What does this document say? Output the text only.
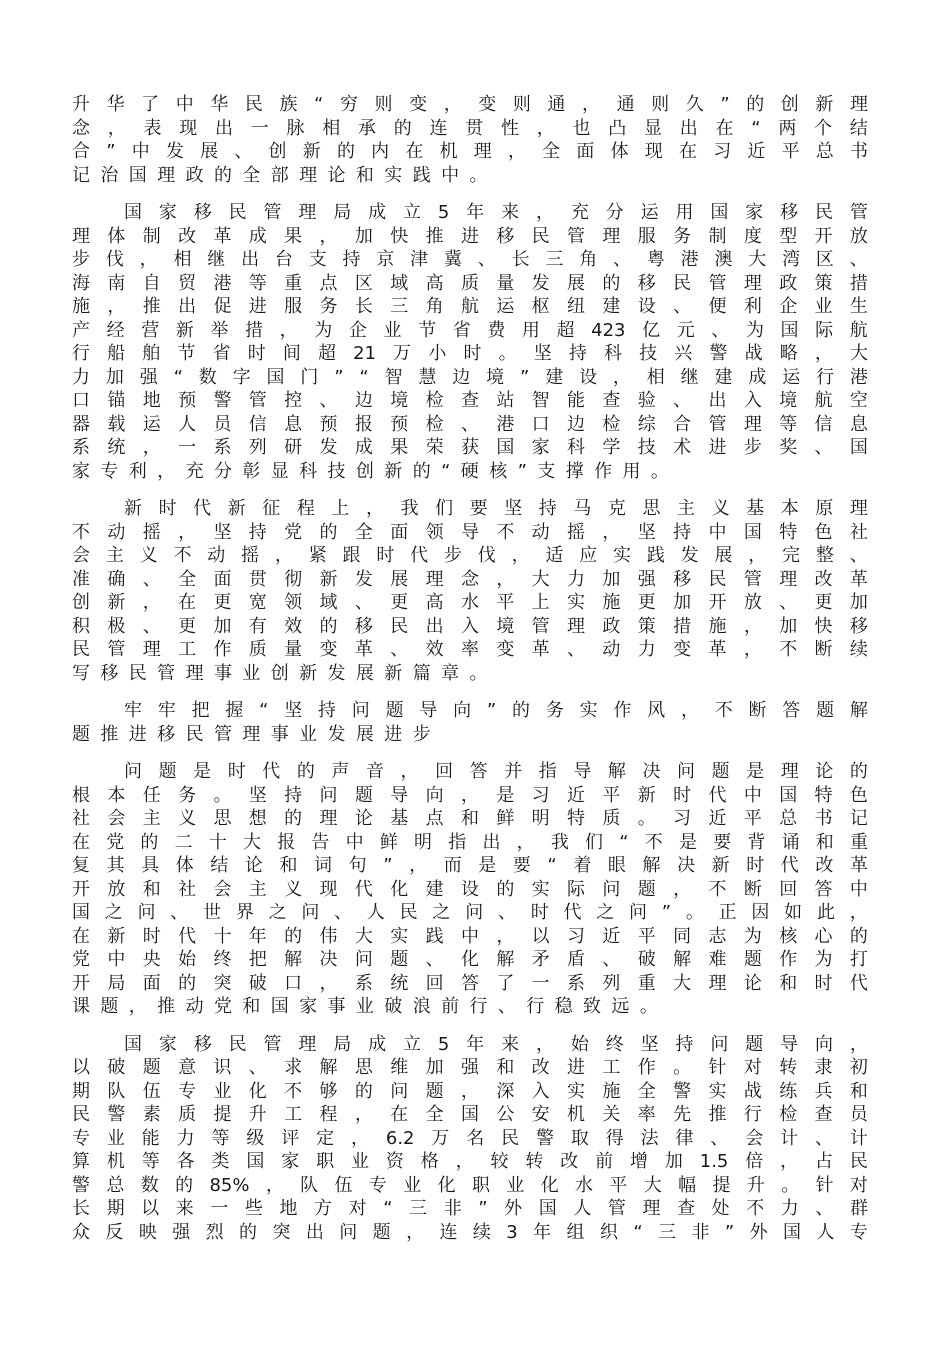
升 华 了 中 华 民 族 “ 穷 则 变 ， 变 则 通 ， 通 则 久 ” 的 创 新 理
念 ， 表 现 出 一 脉 相 承 的 连 贯 性 ， 也 凸 显 出 在 “ 两 个 结
合 ” 中 发 展 、 创 新 的 内 在 机 理 ， 全 面 体 现 在 习 近 平 总 书
记 治 国 理 政 的 全 部 理 论 和 实 践 中 。
国 家 移 民 管 理 局 成 立 5 年 来 ， 充 分 运 用 国 家 移 民 管
理 体 制 改 革 成 果 ， 加 快 推 进 移 民 管 理 服 务 制 度 型 开 放
步 伐 ， 相 继 出 台 支 持 京 津 冀 、 长 三 角 、 粤 港 澳 大 湾 区 、
海 南 自 贸 港 等 重 点 区 域 高 质 量 发 展 的 移 民 管 理 政 策 措
施 ， 推 出 促 进 服 务 长 三 角 航 运 枢 纽 建 设 、 便 利 企 业 生
产 经 营 新 举 措 ， 为 企 业 节 省 费 用 超 423 亿 元 、 为 国 际 航
行 船 舶 节 省 时 间 超 21 万 小 时 。 坚 持 科 技 兴 警 战 略 ， 大
力 加 强 “ 数 字 国 门 ” “ 智 慧 边 境 ” 建 设 ， 相 继 建 成 运 行 港
口 锚 地 预 警 管 控 、 边 境 检 查 站 智 能 查 验 、 出 入 境 航 空
器 载 运 人 员 信 息 预 报 预 检 、 港 口 边 检 综 合 管 理 等 信 息
系 统 ， 一 系 列 研 发 成 果 荣 获 国 家 科 学 技 术 进 步 奖 、 国
家 专 利 ， 充 分 彰 显 科 技 创 新 的 “ 硬 核 ” 支 撑 作 用 。
新 时 代 新 征 程 上 ， 我 们 要 坚 持 马 克 思 主 义 基 本 原 理
不 动 摇 ， 坚 持 党 的 全 面 领 导 不 动 摇 ， 坚 持 中 国 特 色 社
会 主 义 不 动 摇 ， 紧 跟 时 代 步 伐 ， 适 应 实 践 发 展 ， 完 整 、
准 确 、 全 面 贯 彻 新 发 展 理 念 ， 大 力 加 强 移 民 管 理 改 革
创 新 ， 在 更 宽 领 域 、 更 高 水 平 上 实 施 更 加 开 放 、 更 加
积 极 、 更 加 有 效 的 移 民 出 入 境 管 理 政 策 措 施 ， 加 快 移
民 管 理 工 作 质 量 变 革 、 效 率 变 革 、 动 力 变 革 ， 不 断 续
写 移 民 管 理 事 业 创 新 发 展 新 篇 章 。
牢 牢 把 握 “ 坚 持 问 题 导 向 ” 的 务 实 作 风 ， 不 断 答 题 解
题 推 进 移 民 管 理 事 业 发 展 进 步
问 题 是 时 代 的 声 音 ， 回 答 并 指 导 解 决 问 题 是 理 论 的
根 本 任 务 。 坚 持 问 题 导 向 ， 是 习 近 平 新 时 代 中 国 特 色
社 会 主 义 思 想 的 理 论 基 点 和 鲜 明 特 质 。 习 近 平 总 书 记
在 党 的 二 十 大 报 告 中 鲜 明 指 出 ， 我 们 “ 不 是 要 背 诵 和 重
复 其 具 体 结 论 和 词 句 ” ， 而 是 要 “ 着 眼 解 决 新 时 代 改 革
开 放 和 社 会 主 义 现 代 化 建 设 的 实 际 问 题 ， 不 断 回 答 中
国 之 问 、 世 界 之 问 、 人 民 之 问 、 时 代 之 问 ” 。 正 因 如 此 ，
在 新 时 代 十 年 的 伟 大 实 践 中 ， 以 习 近 平 同 志 为 核 心 的
党 中 央 始 终 把 解 决 问 题 、 化 解 矛 盾 、 破 解 难 题 作 为 打
开 局 面 的 突 破 口 ， 系 统 回 答 了 一 系 列 重 大 理 论 和 时 代
课 题 ， 推 动 党 和 国 家 事 业 破 浪 前 行 、 行 稳 致 远 。
国 家 移 民 管 理 局 成 立 5 年 来 ， 始 终 坚 持 问 题 导 向 ，
以 破 题 意 识 、 求 解 思 维 加 强 和 改 进 工 作 。 针 对 转 隶 初
期 队 伍 专 业 化 不 够 的 问 题 ， 深 入 实 施 全 警 实 战 练 兵 和
民 警 素 质 提 升 工 程 ， 在 全 国 公 安 机 关 率 先 推 行 检 查 员
专 业 能 力 等 级 评 定 ， 6.2 万 名 民 警 取 得 法 律 、 会 计 、 计
算 机 等 各 类 国 家 职 业 资 格 ， 较 转 改 前 增 加 1.5 倍 ， 占 民
警 总 数 的 85% ， 队 伍 专 业 化 职 业 化 水 平 大 幅 提 升 。 针 对
长 期 以 来 一 些 地 方 对 “ 三 非 ” 外 国 人 管 理 查 处 不 力 、 群
众 反 映 强 烈 的 突 出 问 题 ， 连 续 3 年 组 织 “ 三 非 ” 外 国 人 专
